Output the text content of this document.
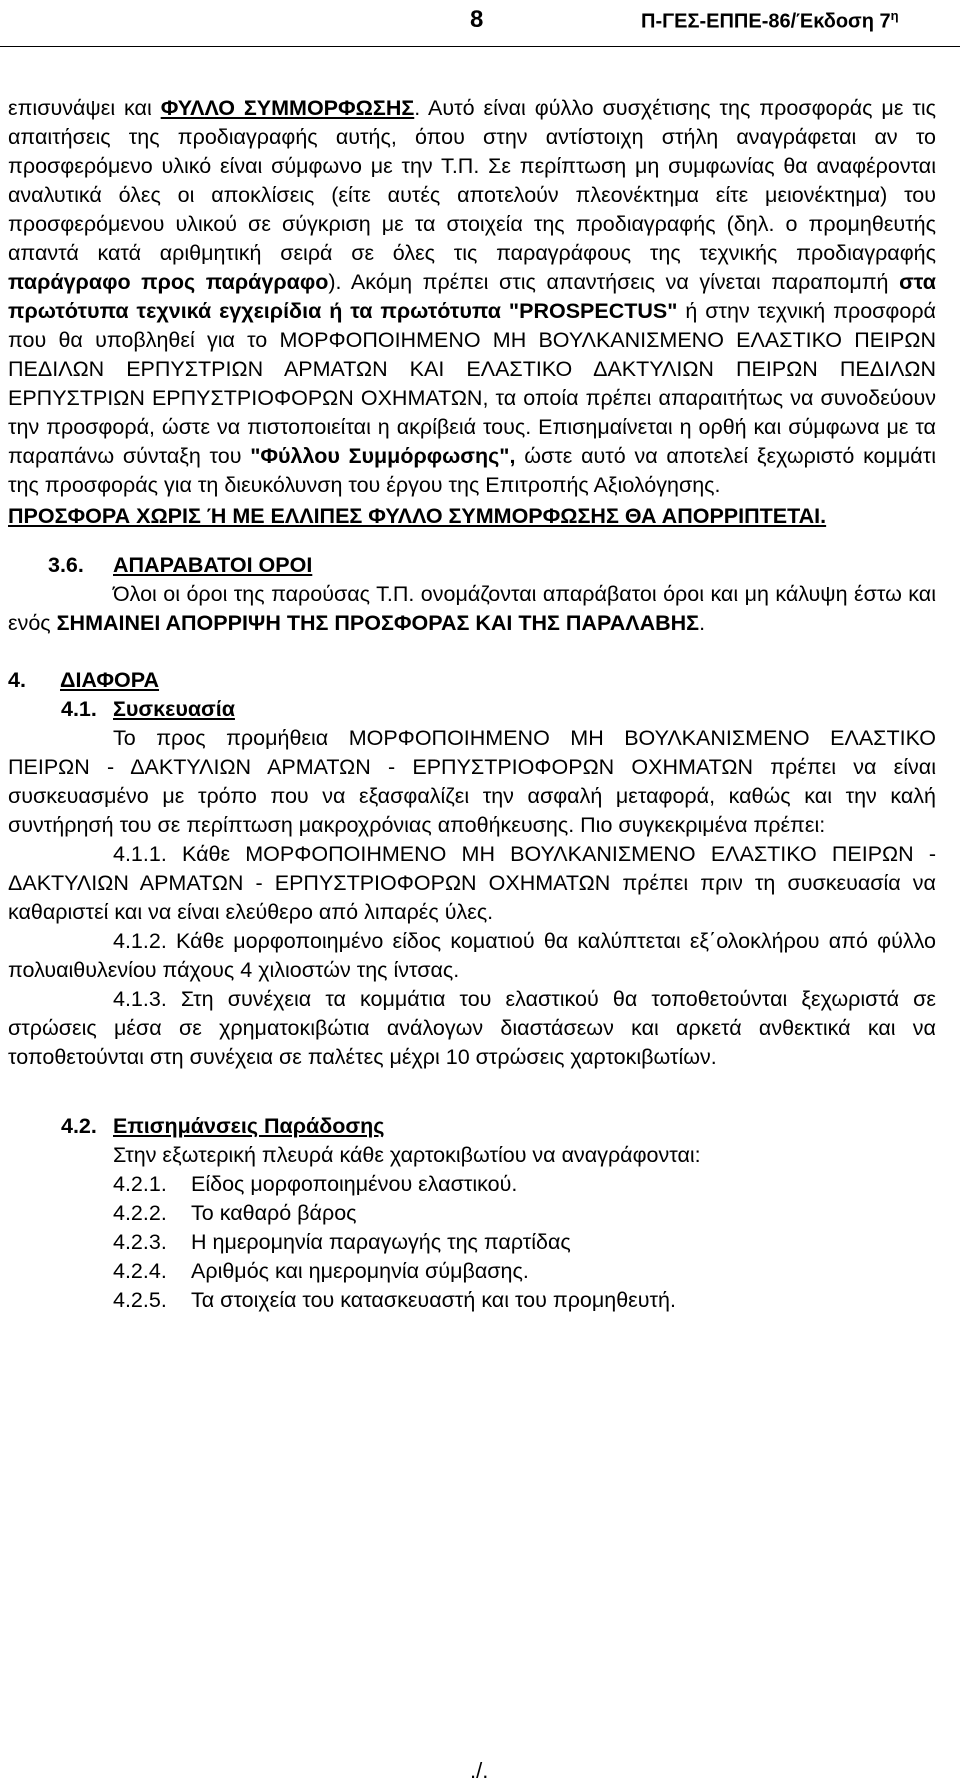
8	Π-ΓΕΣ-ΕΠΠΕ-86/Έκδοση $7^\eta$

επισυνάψει και ΦΥΛΛΟ ΣΥΜΜΟΡΦΩΣΗΣ. Αυτό είναι φύλλο συσχέτισης της προσφοράς με τις απαιτήσεις της προδιαγραφής αυτής, όπου στην αντίστοιχη στήλη αναγράφεται αν το προσφερόμενο υλικό είναι σύμφωνο με την Τ.Π. Σε περίπτωση μη συμφωνίας θα αναφέρονται αναλυτικά όλες οι αποκλίσεις (είτε αυτές αποτελούν πλεονέκτημα είτε μειονέκτημα) του προσφερόμενου υλικού σε σύγκριση με τα στοιχεία της προδιαγραφής (δηλ. ο προμηθευτής απαντά κατά αριθμητική σειρά σε όλες τις παραγράφους της τεχνικής προδιαγραφής παράγραφο προς παράγραφο). Ακόμη πρέπει στις απαντήσεις να γίνεται παραπομπή στα πρωτότυπα τεχνικά εγχειρίδια ή τα πρωτότυπα "PROSPECTUS" ή στην τεχνική προσφορά που θα υποβληθεί για το ΜΟΡΦΟΠΟΙΗΜΕΝΟ ΜΗ ΒΟΥΛΚΑΝΙΣΜΕΝΟ ΕΛΑΣΤΙΚΟ ΠΕΙΡΩΝ ΠΕΔΙΛΩΝ ΕΡΠΥΣΤΡΙΩΝ ΑΡΜΑΤΩΝ ΚΑΙ ΕΛΑΣΤΙΚΟ ΔΑΚΤΥΛΙΩΝ ΠΕΙΡΩΝ ΠΕΔΙΛΩΝ ΕΡΠΥΣΤΡΙΩΝ ΕΡΠΥΣΤΡΙΟΦΟΡΩΝ ΟΧΗΜΑΤΩΝ, τα οποία πρέπει απαραιτήτως να συνοδεύουν την προσφορά, ώστε να πιστοποιείται η ακρίβειά τους. Επισημαίνεται η ορθή και σύμφωνα με τα παραπάνω σύνταξη του "Φύλλου Συμμόρφωσης", ώστε αυτό να αποτελεί ξεχωριστό κομμάτι της προσφοράς για τη διευκόλυνση του έργου της Επιτροπής Αξιολόγησης.

ΠΡΟΣΦΟΡΑ ΧΩΡΙΣ Ή ΜΕ ΕΛΛΙΠΕΣ ΦΥΛΛΟ ΣΥΜΜΟΡΦΩΣΗΣ ΘΑ ΑΠΟΡΡΙΠΤΕΤΑΙ.

3.6. ΑΠΑΡΑΒΑΤΟΙ ΟΡΟΙ

Όλοι οι όροι της παρούσας Τ.Π. ονομάζονται απαράβατοι όροι και μη κάλυψη έστω και ενός ΣΗΜΑΙΝΕΙ ΑΠΟΡΡΙΨΗ ΤΗΣ ΠΡΟΣΦΟΡΑΣ ΚΑΙ ΤΗΣ ΠΑΡΑΛΑΒΗΣ.

4. ΔΙΑΦΟΡΑ
4.1. Συσκευασία

Το προς προμήθεια ΜΟΡΦΟΠΟΙΗΜΕΝΟ ΜΗ ΒΟΥΛΚΑΝΙΣΜΕΝΟ ΕΛΑΣΤΙΚΟ ΠΕΙΡΩΝ - ΔΑΚΤΥΛΙΩΝ ΑΡΜΑΤΩΝ - ΕΡΠΥΣΤΡΙΟΦΟΡΩΝ ΟΧΗΜΑΤΩΝ πρέπει να είναι συσκευασμένο με τρόπο που να εξασφαλίζει την ασφαλή μεταφορά, καθώς και την καλή συντήρησή του σε περίπτωση μακροχρόνιας αποθήκευσης. Πιο συγκεκριμένα πρέπει:

4.1.1. Κάθε ΜΟΡΦΟΠΟΙΗΜΕΝΟ ΜΗ ΒΟΥΛΚΑΝΙΣΜΕΝΟ ΕΛΑΣΤΙΚΟ ΠΕΙΡΩΝ - ΔΑΚΤΥΛΙΩΝ ΑΡΜΑΤΩΝ - ΕΡΠΥΣΤΡΙΟΦΟΡΩΝ ΟΧΗΜΑΤΩΝ πρέπει πριν τη συσκευασία να καθαριστεί και να είναι ελεύθερο από λιπαρές ύλες.

4.1.2. Κάθε μορφοποιημένο είδος κοματιού θα καλύπτεται εξ΄ολοκλήρου από φύλλο πολυαιθυλενίου πάχους 4 χιλιοστών της ίντσας.

4.1.3. Στη συνέχεια τα κομμάτια του ελαστικού θα τοποθετούνται ξεχωριστά σε στρώσεις μέσα σε χρηματοκιβώτια ανάλογων διαστάσεων και αρκετά ανθεκτικά και να τοποθετούνται στη συνέχεια σε παλέτες μέχρι 10 στρώσεις χαρτοκιβωτίων.

4.2. Επισημάνσεις Παράδοσης

Στην εξωτερική πλευρά κάθε χαρτοκιβωτίου να αναγράφονται:

4.2.1.	Είδος μορφοποιημένου ελαστικού.
4.2.2.	Το καθαρό βάρος
4.2.3.	Η ημερομηνία παραγωγής της παρτίδας
4.2.4.	Αριθμός και ημερομηνία σύμβασης.
4.2.5.	Τα στοιχεία του κατασκευαστή και του προμηθευτή.
./.
